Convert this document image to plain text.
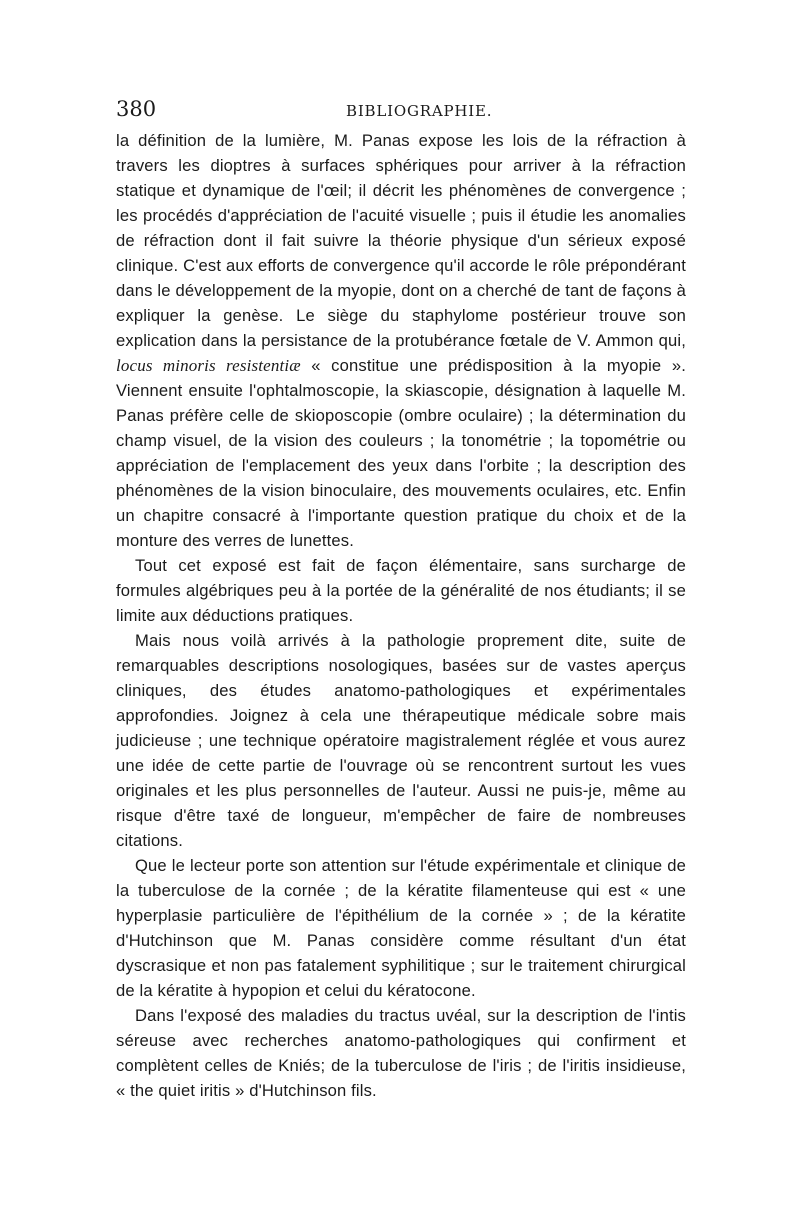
380	BIBLIOGRAPHIE.

la définition de la lumière, M. Panas expose les lois de la réfraction à travers les dioptres à surfaces sphériques pour arriver à la réfraction statique et dynamique de l'œil; il décrit les phénomènes de convergence ; les procédés d'appréciation de l'acuité visuelle ; puis il étudie les anomalies de réfraction dont il fait suivre la théorie physique d'un sérieux exposé clinique. C'est aux efforts de convergence qu'il accorde le rôle prépondérant dans le développement de la myopie, dont on a cherché de tant de façons à expliquer la genèse. Le siège du staphylome postérieur trouve son explication dans la persistance de la protubérance fœtale de V. Ammon qui, locus minoris resistentiæ « constitue une prédisposition à la myopie ». Viennent ensuite l'ophtalmoscopie, la skiascopie, désignation à laquelle M. Panas préfère celle de skioposcopie (ombre oculaire) ; la détermination du champ visuel, de la vision des couleurs ; la tonométrie ; la topométrie ou appréciation de l'emplacement des yeux dans l'orbite ; la description des phénomènes de la vision binoculaire, des mouvements oculaires, etc. Enfin un chapitre consacré à l'importante question pratique du choix et de la monture des verres de lunettes.

Tout cet exposé est fait de façon élémentaire, sans surcharge de formules algébriques peu à la portée de la généralité de nos étudiants; il se limite aux déductions pratiques.

Mais nous voilà arrivés à la pathologie proprement dite, suite de remarquables descriptions nosologiques, basées sur de vastes aperçus cliniques, des études anatomo-pathologiques et expérimentales approfondies. Joignez à cela une thérapeutique médicale sobre mais judicieuse ; une technique opératoire magistralement réglée et vous aurez une idée de cette partie de l'ouvrage où se rencontrent surtout les vues originales et les plus personnelles de l'auteur. Aussi ne puis-je, même au risque d'être taxé de longueur, m'empêcher de faire de nombreuses citations.

Que le lecteur porte son attention sur l'étude expérimentale et clinique de la tuberculose de la cornée ; de la kératite filamenteuse qui est « une hyperplasie particulière de l'épithélium de la cornée » ; de la kératite d'Hutchinson que M. Panas considère comme résultant d'un état dyscrasique et non pas fatalement syphilitique ; sur le traitement chirurgical de la kératite à hypopion et celui du kératocone.

Dans l'exposé des maladies du tractus uvéal, sur la description de l'intis séreuse avec recherches anatomo-pathologiques qui confirment et complètent celles de Kniés; de la tuberculose de l'iris ; de l'iritis insidieuse, « the quiet iritis » d'Hutchinson fils.
